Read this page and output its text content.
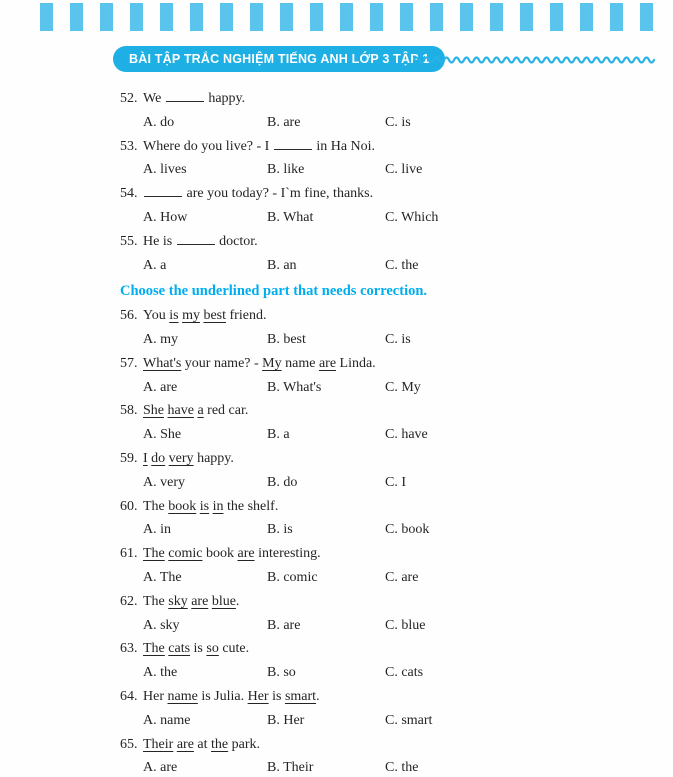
BÀI TẬP TRẮC NGHIỆM TIẾNG ANH LỚP 3 TẬP 1
52. We	happy.
A. do	B. are	C. is
53. Where do you live? - I	in Ha Noi.
A. lives	B. like	C. live
54.	are you today? - I`m fine, thanks.
A. How	B. What	C. Which
55. He is	doctor.
A. a	B. an	C. the
Choose the underlined part that needs correction.
56. You is my best friend.
A. my	B. best	C. is
57. What's your name? - My name are Linda.
A. are	B. What's	C. My
58. She have a red car.
A. She	B. a	C. have
59. I do very happy.
A. very	B. do	C. I
60. The book is in the shelf.
A. in	B. is	C. book
61. The comic book are interesting.
A. The	B. comic	C. are
62. The sky are blue.
A. sky	B. are	C. blue
63. The cats is so cute.
A. the	B. so	C. cats
64. Her name is Julia. Her is smart.
A. name	B. Her	C. smart
65. Their are at the park.
A. are	B. Their	C. the
